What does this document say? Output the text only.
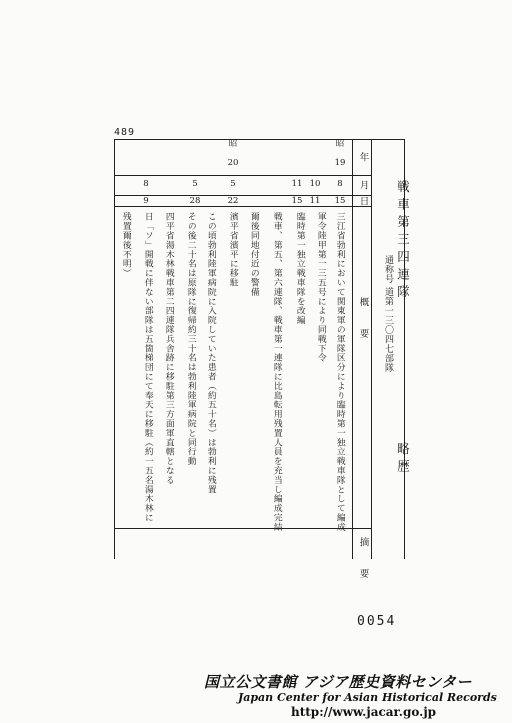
489
戦車第三四連隊
通称号 道第一三〇四七部隊
略歴
年
月
日
概要
摘要
昭
19
昭
20
8
15
三江省勃利において関東軍の軍隊区分により臨時第一独立戦車隊として編成
10
11
軍令陸甲第一三五号により同戦下令
11
15
臨時第一独立戦車隊を改編
戦車、第五、第六連隊、戦車第一連隊に比島転用残置人員を充当し編成完結
爾後同地付近の警備
5
22
濱平省濱平に移駐
5
28
この頃勃利陸軍病院に入院していた患者（約五十名）は勃利に残置
その後二十名は原隊に復帰約三十名は勃利陸軍病院と同行動
8
9
四平省湯木林戦車第二四連隊兵舎跡に移駐第三方面軍直轄となる
日「ソ」開戦に伴ない部隊は五箇梯団にて奉天に移駐（約一五名湯木林に
残置爾後不明）
0054
国立公文書館 アジア歴史資料センター
Japan Center for Asian Historical Records
http://www.jacar.go.jp
